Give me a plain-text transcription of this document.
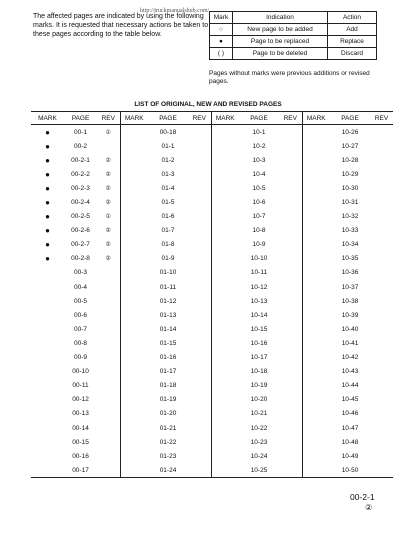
The affected pages are indicated by using the following marks. It is requested that necessary actions be taken to these pages according to the table below.
http://truckmanualshub.com/
Mark	Indication	Action
○	New page to be added	Add
●	Page to be replaced	Replace
( )	Page to be deleted	Discard
Pages without marks were previous additions or revised pages.
LIST OF ORIGINAL, NEW AND REVISED PAGES
MARK	PAGE	REV	MARK	PAGE	REV	MARK	PAGE	REV	MARK	PAGE	REV
●	00-1	①		00-18			10-1			10-26	
●	00-2			01-1			10-2			10-27	
●	00-2-1	②		01-2			10-3			10-28	
●	00-2-2	②		01-3			10-4			10-29	
●	00-2-3	②		01-4			10-5			10-30	
●	00-2-4	②		01-5			10-6			10-31	
●	00-2-5	①		01-6			10-7			10-32	
●	00-2-6	②		01-7			10-8			10-33	
●	00-2-7	②		01-8			10-9			10-34	
●	00-2-8	②		01-9			10-10			10-35	
	00-3			01-10			10-11			10-36	
	00-4			01-11			10-12			10-37	
	00-5			01-12			10-13			10-38	
	00-6			01-13			10-14			10-39	
	00-7			01-14			10-15			10-40	
	00-8			01-15			10-16			10-41	
	00-9			01-16			10-17			10-42	
	00-10			01-17			10-18			10-43	
	00-11			01-18			10-19			10-44	
	00-12			01-19			10-20			10-45	
	00-13			01-20			10-21			10-46	
	00-14			01-21			10-22			10-47	
	00-15			01-22			10-23			10-48	
	00-16			01-23			10-24			10-49	
	00-17			01-24			10-25			10-50	
00-2-1
②
